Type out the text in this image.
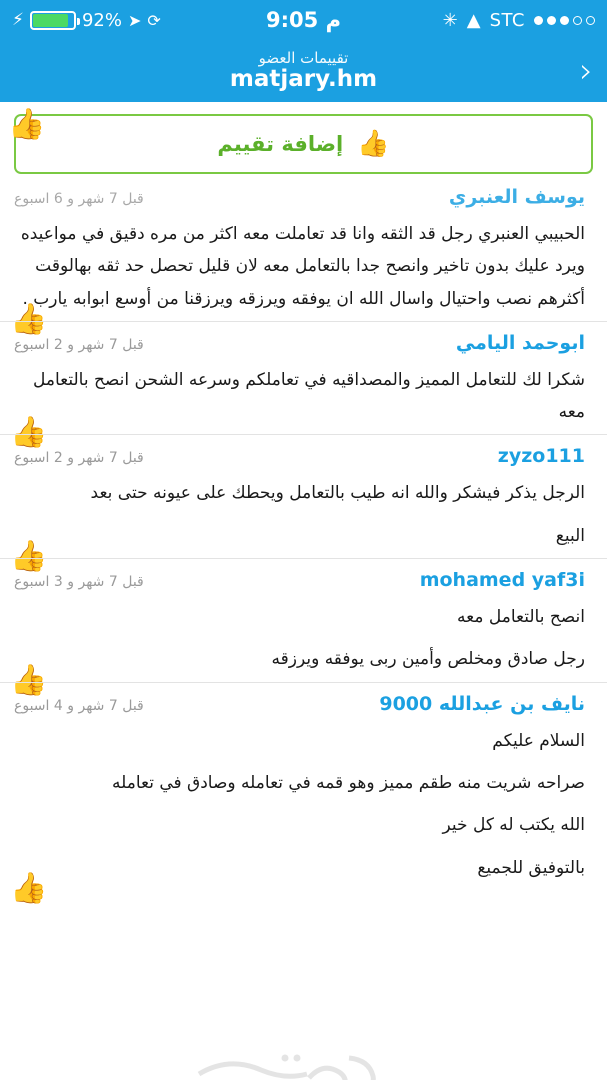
⚡	92% ➤ ⟳	م 9:05	✳ ▲ STC
تقييمات العضو
matjary.hm	›
👍
👍
إضافة تقييم
يوسف العنبري
قبل 7 شهر و 6 اسبوع

الحبيبي العنبري رجل قد الثقه وانا قد تعاملت معه اكثر من مره دقيق في مواعيده ويرد عليك بدون تاخير وانصح جدا بالتعامل معه لان قليل تحصل حد ثقه بهالوقت أكثرهم نصب واحتيال واسال الله ان يوفقه ويرزقه ويرزقنا من أوسع ابوابه يارب .

👍
ابوحمد اليامي
قبل 7 شهر و 2 اسبوع

شكرا لك للتعامل المميز والمصداقيه في تعاملكم وسرعه الشحن انصح بالتعامل معه

👍
zyzo111
قبل 7 شهر و 2 اسبوع

الرجل يذكر فيشكر والله انه طيب بالتعامل ويحطك على عيونه حتى بعد

البيع

👍
mohamed yaf3i
قبل 7 شهر و 3 اسبوع

انصح بالتعامل معه

رجل صادق ومخلص وأمين ربى يوفقه ويرزقه

👍
نايف بن عبدالله 9000
قبل 7 شهر و 4 اسبوع

السلام عليكم

صراحه شريت منه طقم مميز وهو قمه في تعامله وصادق في تعامله

الله يكتب له كل خير

بالتوفيق للجميع

👍
